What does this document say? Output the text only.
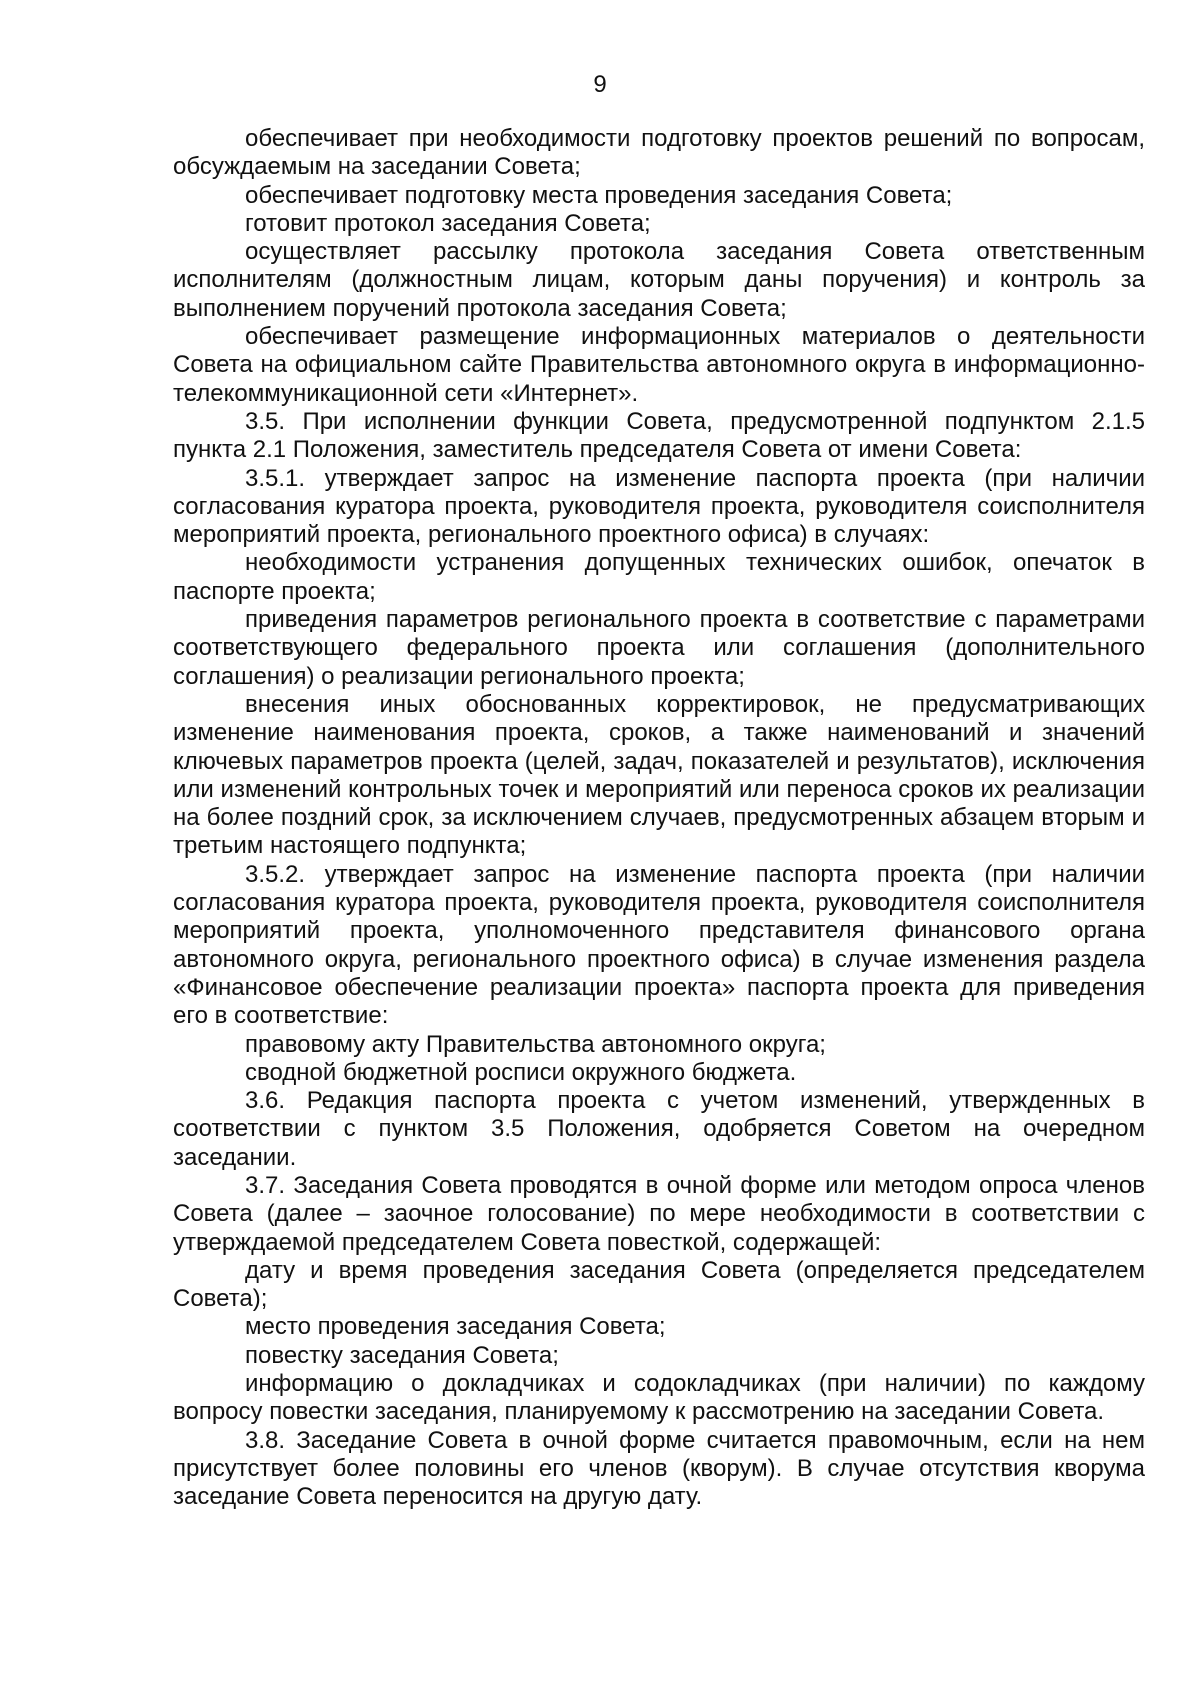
9

обеспечивает при необходимости подготовку проектов решений по вопросам, обсуждаемым на заседании Совета;

обеспечивает подготовку места проведения заседания Совета;

готовит протокол заседания Совета;

осуществляет рассылку протокола заседания Совета ответственным исполнителям (должностным лицам, которым даны поручения) и контроль за выполнением поручений протокола заседания Совета;

обеспечивает размещение информационных материалов о деятельности Совета на официальном сайте Правительства автономного округа в информационно-телекоммуникационной сети «Интернет».

3.5. При исполнении функции Совета, предусмотренной подпунктом 2.1.5 пункта 2.1 Положения, заместитель председателя Совета от имени Совета:

3.5.1. утверждает запрос на изменение паспорта проекта (при наличии согласования куратора проекта, руководителя проекта, руководителя соисполнителя мероприятий проекта, регионального проектного офиса) в случаях:

необходимости устранения допущенных технических ошибок, опечаток в паспорте проекта;

приведения параметров регионального проекта в соответствие с параметрами соответствующего федерального проекта или соглашения (дополнительного соглашения) о реализации регионального проекта;

внесения иных обоснованных корректировок, не предусматривающих изменение наименования проекта, сроков, а также наименований и значений ключевых параметров проекта (целей, задач, показателей и результатов), исключения или изменений контрольных точек и мероприятий или переноса сроков их реализации на более поздний срок, за исключением случаев, предусмотренных абзацем вторым и третьим настоящего подпункта;

3.5.2. утверждает запрос на изменение паспорта проекта (при наличии согласования куратора проекта, руководителя проекта, руководителя соисполнителя мероприятий проекта, уполномоченного представителя финансового органа автономного округа, регионального проектного офиса) в случае изменения раздела «Финансовое обеспечение реализации проекта» паспорта проекта для приведения его в соответствие:

правовому акту Правительства автономного округа;

сводной бюджетной росписи окружного бюджета.

3.6. Редакция паспорта проекта с учетом изменений, утвержденных в соответствии с пунктом 3.5 Положения, одобряется Советом на очередном заседании.

3.7. Заседания Совета проводятся в очной форме или методом опроса членов Совета (далее – заочное голосование) по мере необходимости в соответствии с утверждаемой председателем Совета повесткой, содержащей:

дату и время проведения заседания Совета (определяется председателем Совета);

место проведения заседания Совета;

повестку заседания Совета;

информацию о докладчиках и содокладчиках (при наличии) по каждому вопросу повестки заседания, планируемому к рассмотрению на заседании Совета.

3.8. Заседание Совета в очной форме считается правомочным, если на нем присутствует более половины его членов (кворум). В случае отсутствия кворума заседание Совета переносится на другую дату.
